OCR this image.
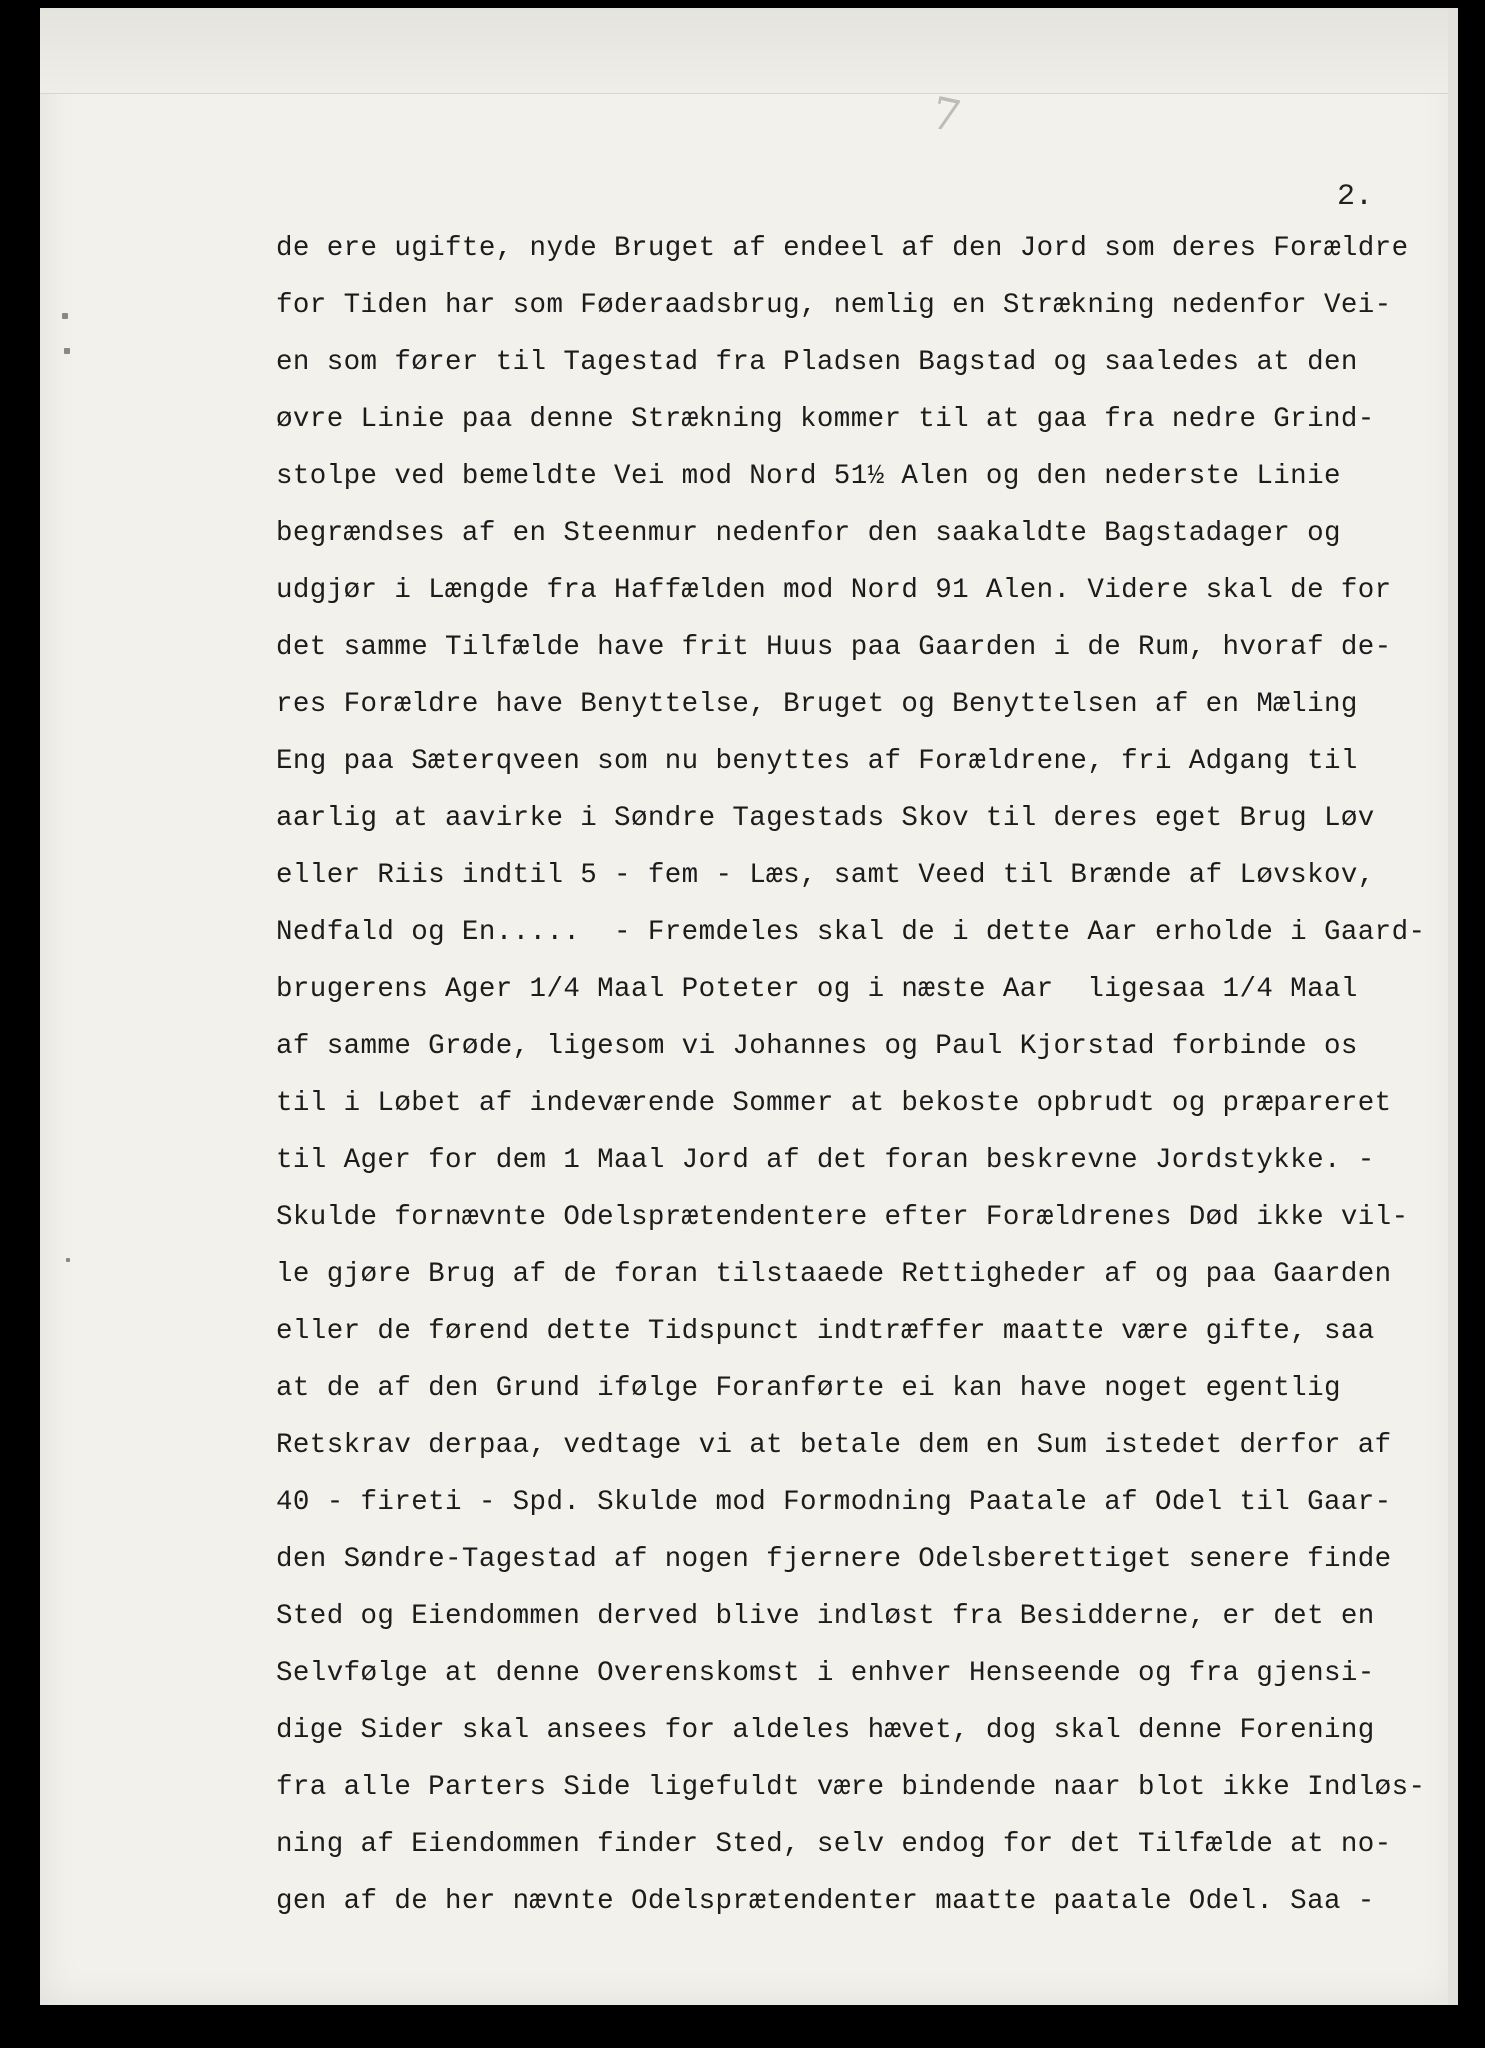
7
2.
de ere ugifte, nyde Bruget af endeel af den Jord som deres Forældre
for Tiden har som Føderaadsbrug, nemlig en Strækning nedenfor Vei-
en som fører til Tagestad fra Pladsen Bagstad og saaledes at den
øvre Linie paa denne Strækning kommer til at gaa fra nedre Grind-
stolpe ved bemeldte Vei mod Nord 51½ Alen og den nederste Linie
begrændses af en Steenmur nedenfor den saakaldte Bagstadager og
udgjør i Længde fra Haffælden mod Nord 91 Alen. Videre skal de for
det samme Tilfælde have frit Huus paa Gaarden i de Rum, hvoraf de-
res Forældre have Benyttelse, Bruget og Benyttelsen af en Mæling
Eng paa Sæterqveen som nu benyttes af Forældrene, fri Adgang til
aarlig at aavirke i Søndre Tagestads Skov til deres eget Brug Løv
eller Riis indtil 5 - fem - Læs, samt Veed til Brænde af Løvskov,
Nedfald og En.....  - Fremdeles skal de i dette Aar erholde i Gaard-
brugerens Ager 1/4 Maal Poteter og i næste Aar  ligesaa 1/4 Maal
af samme Grøde, ligesom vi Johannes og Paul Kjorstad forbinde os
til i Løbet af indeværende Sommer at bekoste opbrudt og præpareret
til Ager for dem 1 Maal Jord af det foran beskrevne Jordstykke. -
Skulde fornævnte Odelsprætendentere efter Forældrenes Død ikke vil-
le gjøre Brug af de foran tilstaaede Rettigheder af og paa Gaarden
eller de førend dette Tidspunct indtræffer maatte være gifte, saa
at de af den Grund ifølge Foranførte ei kan have noget egentlig
Retskrav derpaa, vedtage vi at betale dem en Sum istedet derfor af
40 - fireti - Spd. Skulde mod Formodning Paatale af Odel til Gaar-
den Søndre-Tagestad af nogen fjernere Odelsberettiget senere finde
Sted og Eiendommen derved blive indløst fra Besidderne, er det en
Selvfølge at denne Overenskomst i enhver Henseende og fra gjensi-
dige Sider skal ansees for aldeles hævet, dog skal denne Forening
fra alle Parters Side ligefuldt være bindende naar blot ikke Indløs-
ning af Eiendommen finder Sted, selv endog for det Tilfælde at no-
gen af de her nævnte Odelsprætendenter maatte paatale Odel. Saa -
